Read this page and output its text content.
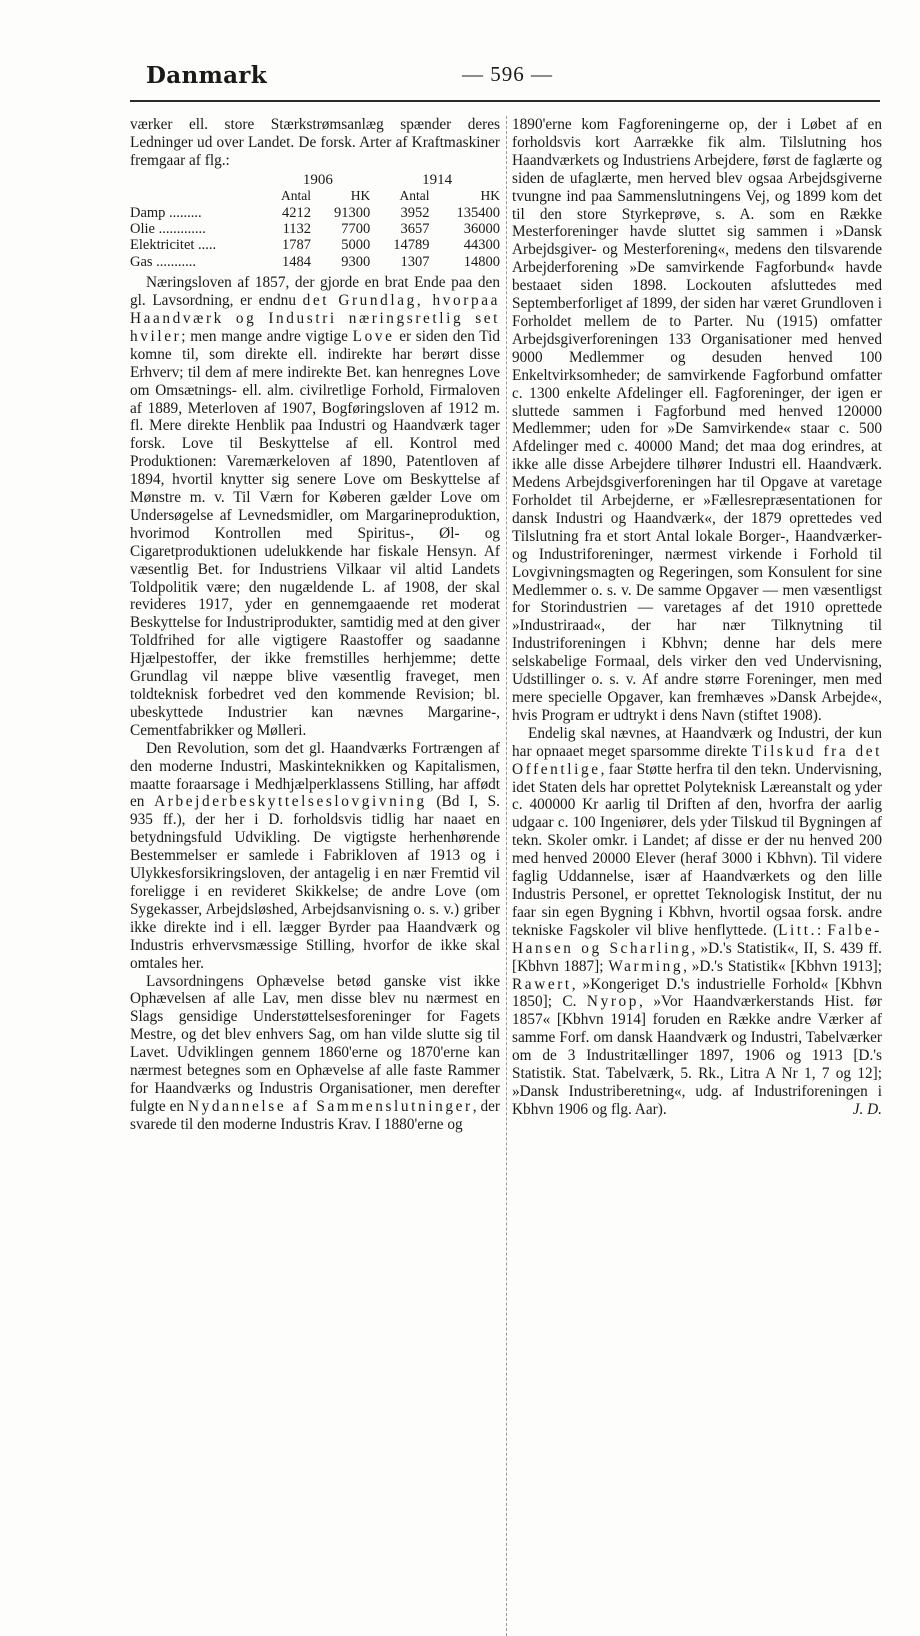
Danmark	— 596 —

værker ell. store Stærkstrømsanlæg spænder deres Ledninger ud over Landet. De forsk. Arter af Kraftmaskiner fremgaar af flg.:

	1906		1914	
	Antal	HK	Antal	HK
Damp .........	4212	91300	3952	135400
Olie .............	1132	7700	3657	36000
Elektricitet .....	1787	5000	14789	44300
Gas ...........	1484	9300	1307	14800

Næringsloven af 1857, der gjorde en brat Ende paa den gl. Lavsordning, er endnu det Grundlag, hvorpaa Haandværk og Industri næringsretlig set hviler; men mange andre vigtige Love er siden den Tid komne til, som direkte ell. indirekte har berørt disse Erhverv; til dem af mere indirekte Bet. kan henregnes Love om Omsætnings- ell. alm. civilretlige Forhold, Firmaloven af 1889, Meterloven af 1907, Bogføringsloven af 1912 m. fl. Mere direkte Henblik paa Industri og Haandværk tager forsk. Love til Beskyttelse af ell. Kontrol med Produktionen: Varemærkeloven af 1890, Patentloven af 1894, hvortil knytter sig senere Love om Beskyttelse af Mønstre m. v. Til Værn for Køberen gælder Love om Undersøgelse af Levnedsmidler, om Margarineproduktion, hvorimod Kontrollen med Spiritus-, Øl- og Cigaretproduktionen udelukkende har fiskale Hensyn. Af væsentlig Bet. for Industriens Vilkaar vil altid Landets Toldpolitik være; den nugældende L. af 1908, der skal revideres 1917, yder en gennemgaaende ret moderat Beskyttelse for Industriprodukter, samtidig med at den giver Toldfrihed for alle vigtigere Raastoffer og saadanne Hjælpestoffer, der ikke fremstilles herhjemme; dette Grundlag vil næppe blive væsentlig fraveget, men toldteknisk forbedret ved den kommende Revision; bl. ubeskyttede Industrier kan nævnes Margarine-, Cementfabrikker og Mølleri.

Den Revolution, som det gl. Haandværks Fortrængen af den moderne Industri, Maskinteknikken og Kapitalismen, maatte foraarsage i Medhjælperklassens Stilling, har affødt en Arbejderbeskyttelseslovgivning (Bd I, S. 935 ff.), der her i D. forholdsvis tidlig har naaet en betydningsfuld Udvikling. De vigtigste herhenhørende Bestemmelser er samlede i Fabrikloven af 1913 og i Ulykkesforsikringsloven, der antagelig i en nær Fremtid vil foreligge i en revideret Skikkelse; de andre Love (om Sygekasser, Arbejdsløshed, Arbejdsanvisning o. s. v.) griber ikke direkte ind i ell. lægger Byrder paa Haandværk og Industris erhvervsmæssige Stilling, hvorfor de ikke skal omtales her.

Lavsordningens Ophævelse betød ganske vist ikke Ophævelsen af alle Lav, men disse blev nu nærmest en Slags gensidige Understøttelsesforeninger for Fagets Mestre, og det blev enhvers Sag, om han vilde slutte sig til Lavet. Udviklingen gennem 1860'erne og 1870'erne kan nærmest betegnes som en Ophævelse af alle faste Rammer for Haandværks og Industris Organisationer, men derefter fulgte en Nydannelse af Sammenslutninger, der svarede til den moderne Industris Krav. I 1880'erne og

1890'erne kom Fagforeningerne op, der i Løbet af en forholdsvis kort Aarrække fik alm. Tilslutning hos Haandværkets og Industriens Arbejdere, først de faglærte og siden de ufaglærte, men herved blev ogsaa Arbejdsgiverne tvungne ind paa Sammenslutningens Vej, og 1899 kom det til den store Styrkeprøve, s. A. som en Række Mesterforeninger havde sluttet sig sammen i »Dansk Arbejdsgiver- og Mesterforening«, medens den tilsvarende Arbejderforening »De samvirkende Fagforbund« havde bestaaet siden 1898. Lockouten afsluttedes med Septemberforliget af 1899, der siden har været Grundloven i Forholdet mellem de to Parter. Nu (1915) omfatter Arbejdsgiverforeningen 133 Organisationer med henved 9000 Medlemmer og desuden henved 100 Enkeltvirksomheder; de samvirkende Fagforbund omfatter c. 1300 enkelte Afdelinger ell. Fagforeninger, der igen er sluttede sammen i Fagforbund med henved 120000 Medlemmer; uden for »De Samvirkende« staar c. 500 Afdelinger med c. 40000 Mand; det maa dog erindres, at ikke alle disse Arbejdere tilhører Industri ell. Haandværk. Medens Arbejdsgiverforeningen har til Opgave at varetage Forholdet til Arbejderne, er »Fællesrepræsentationen for dansk Industri og Haandværk«, der 1879 oprettedes ved Tilslutning fra et stort Antal lokale Borger-, Haandværker- og Industriforeninger, nærmest virkende i Forhold til Lovgivningsmagten og Regeringen, som Konsulent for sine Medlemmer o. s. v. De samme Opgaver — men væsentligst for Storindustrien — varetages af det 1910 oprettede »Industriraad«, der har nær Tilknytning til Industriforeningen i Kbhvn; denne har dels mere selskabelige Formaal, dels virker den ved Undervisning, Udstillinger o. s. v. Af andre større Foreninger, men med mere specielle Opgaver, kan fremhæves »Dansk Arbejde«, hvis Program er udtrykt i dens Navn (stiftet 1908).

Endelig skal nævnes, at Haandværk og Industri, der kun har opnaaet meget sparsomme direkte Tilskud fra det Offentlige, faar Støtte herfra til den tekn. Undervisning, idet Staten dels har oprettet Polyteknisk Læreanstalt og yder c. 400000 Kr aarlig til Driften af den, hvorfra der aarlig udgaar c. 100 Ingeniører, dels yder Tilskud til Bygningen af tekn. Skoler omkr. i Landet; af disse er der nu henved 200 med henved 20000 Elever (heraf 3000 i Kbhvn). Til videre faglig Uddannelse, især af Haandværkets og den lille Industris Personel, er oprettet Teknologisk Institut, der nu faar sin egen Bygning i Kbhvn, hvortil ogsaa forsk. andre tekniske Fagskoler vil blive henflyttede. (Litt.: Falbe-Hansen og Scharling, »D.'s Statistik«, II, S. 439 ff. [Kbhvn 1887]; Warming, »D.'s Statistik« [Kbhvn 1913]; Rawert, »Kongeriget D.'s industrielle Forhold« [Kbhvn 1850]; C. Nyrop, »Vor Haandværkerstands Hist. før 1857« [Kbhvn 1914] foruden en Række andre Værker af samme Forf. om dansk Haandværk og Industri, Tabelværker om de 3 Industritællinger 1897, 1906 og 1913 [D.'s Statistik. Stat. Tabelværk, 5. Rk., Litra A Nr 1, 7 og 12]; »Dansk Industriberetning«, udg. af Industriforeningen i Kbhvn 1906 og flg. Aar).	J. D.
